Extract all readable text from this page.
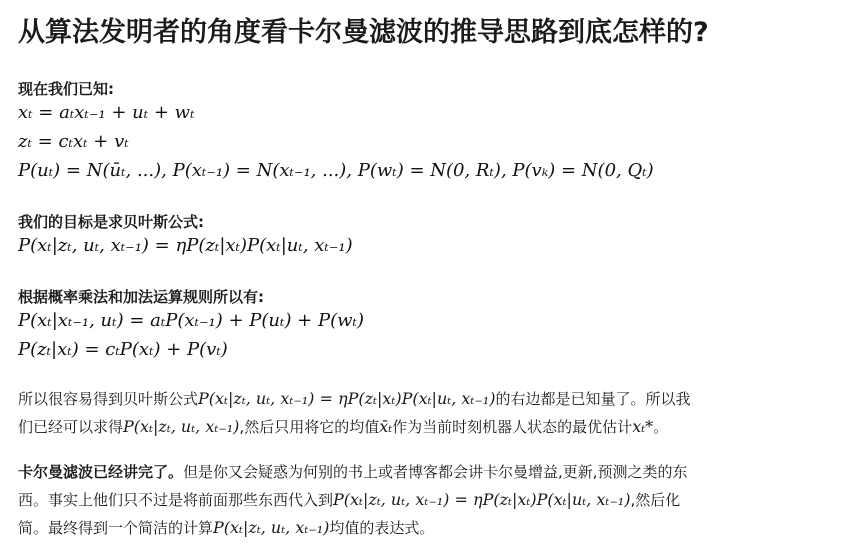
从算法发明者的角度看卡尔曼滤波的推导思路到底怎样的?
现在我们已知:
xₜ = aₜxₜ₋₁ + uₜ + wₜ
zₜ = cₜxₜ + vₜ
P(uₜ) = N(ūₜ, ...), P(xₜ₋₁) = N(xₜ₋₁, ...), P(wₜ) = N(0, Rₜ), P(vₖ) = N(0, Qₜ)
我们的目标是求贝叶斯公式:
P(xₜ|zₜ, uₜ, xₜ₋₁) = ηP(zₜ|xₜ)P(xₜ|uₜ, xₜ₋₁)
根据概率乘法和加法运算规则所以有:
P(xₜ|xₜ₋₁, uₜ) = aₜP(xₜ₋₁) + P(uₜ) + P(wₜ)
P(zₜ|xₜ) = cₜP(xₜ) + P(vₜ)
所以很容易得到贝叶斯公式P(xₜ|zₜ, uₜ, xₜ₋₁) = ηP(zₜ|xₜ)P(xₜ|uₜ, xₜ₋₁)的右边都是已知量了。所以我
们已经可以求得P(xₜ|zₜ, uₜ, xₜ₋₁),然后只用将它的均值x̄ₜ作为当前时刻机器人状态的最优估计xₜ*。
卡尔曼滤波已经讲完了。但是你又会疑惑为何别的书上或者博客都会讲卡尔曼增益,更新,预测之类的东
西。事实上他们只不过是将前面那些东西代入到P(xₜ|zₜ, uₜ, xₜ₋₁) = ηP(zₜ|xₜ)P(xₜ|uₜ, xₜ₋₁),然后化
简。最终得到一个简洁的计算P(xₜ|zₜ, uₜ, xₜ₋₁)均值的表达式。
